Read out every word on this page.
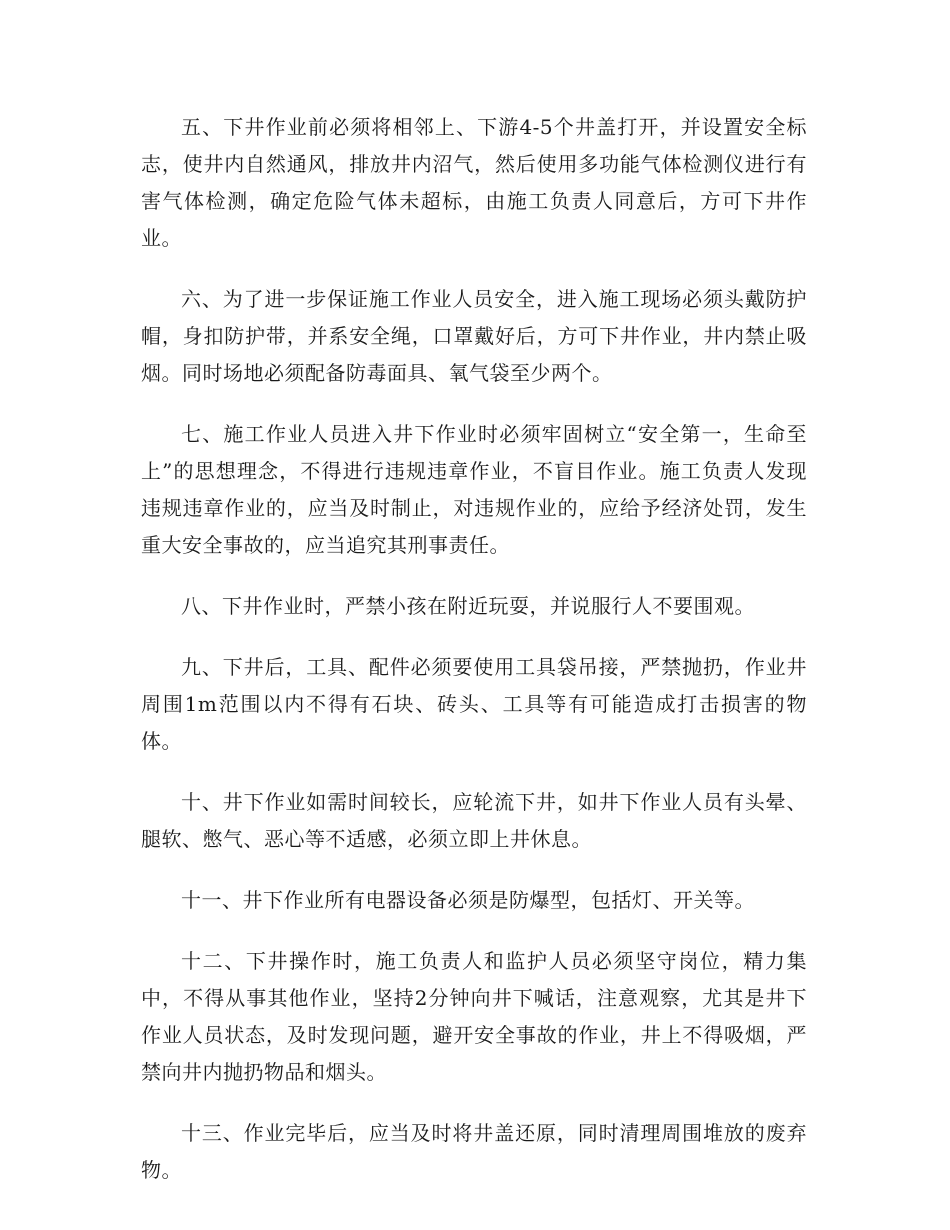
五、下井作业前必须将相邻上、下游4-5个井盖打开，并设置安全标志，使井内自然通风，排放井内沼气，然后使用多功能气体检测仪进行有害气体检测，确定危险气体未超标，由施工负责人同意后，方可下井作业。

六、为了进一步保证施工作业人员安全，进入施工现场必须头戴防护帽，身扣防护带，并系安全绳，口罩戴好后，方可下井作业，井内禁止吸烟。同时场地必须配备防毒面具、氧气袋至少两个。

七、施工作业人员进入井下作业时必须牢固树立“安全第一，生命至上”的思想理念，不得进行违规违章作业，不盲目作业。施工负责人发现违规违章作业的，应当及时制止，对违规作业的，应给予经济处罚，发生重大安全事故的，应当追究其刑事责任。

八、下井作业时，严禁小孩在附近玩耍，并说服行人不要围观。

九、下井后，工具、配件必须要使用工具袋吊接，严禁抛扔，作业井周围1m范围以内不得有石块、砖头、工具等有可能造成打击损害的物体。

十、井下作业如需时间较长，应轮流下井，如井下作业人员有头晕、腿软、憋气、恶心等不适感，必须立即上井休息。

十一、井下作业所有电器设备必须是防爆型，包括灯、开关等。

十二、下井操作时，施工负责人和监护人员必须坚守岗位，精力集中，不得从事其他作业，坚持2分钟向井下喊话，注意观察，尤其是井下作业人员状态，及时发现问题，避开安全事故的作业，井上不得吸烟，严禁向井内抛扔物品和烟头。

十三、作业完毕后，应当及时将井盖还原，同时清理周围堆放的废弃物。
